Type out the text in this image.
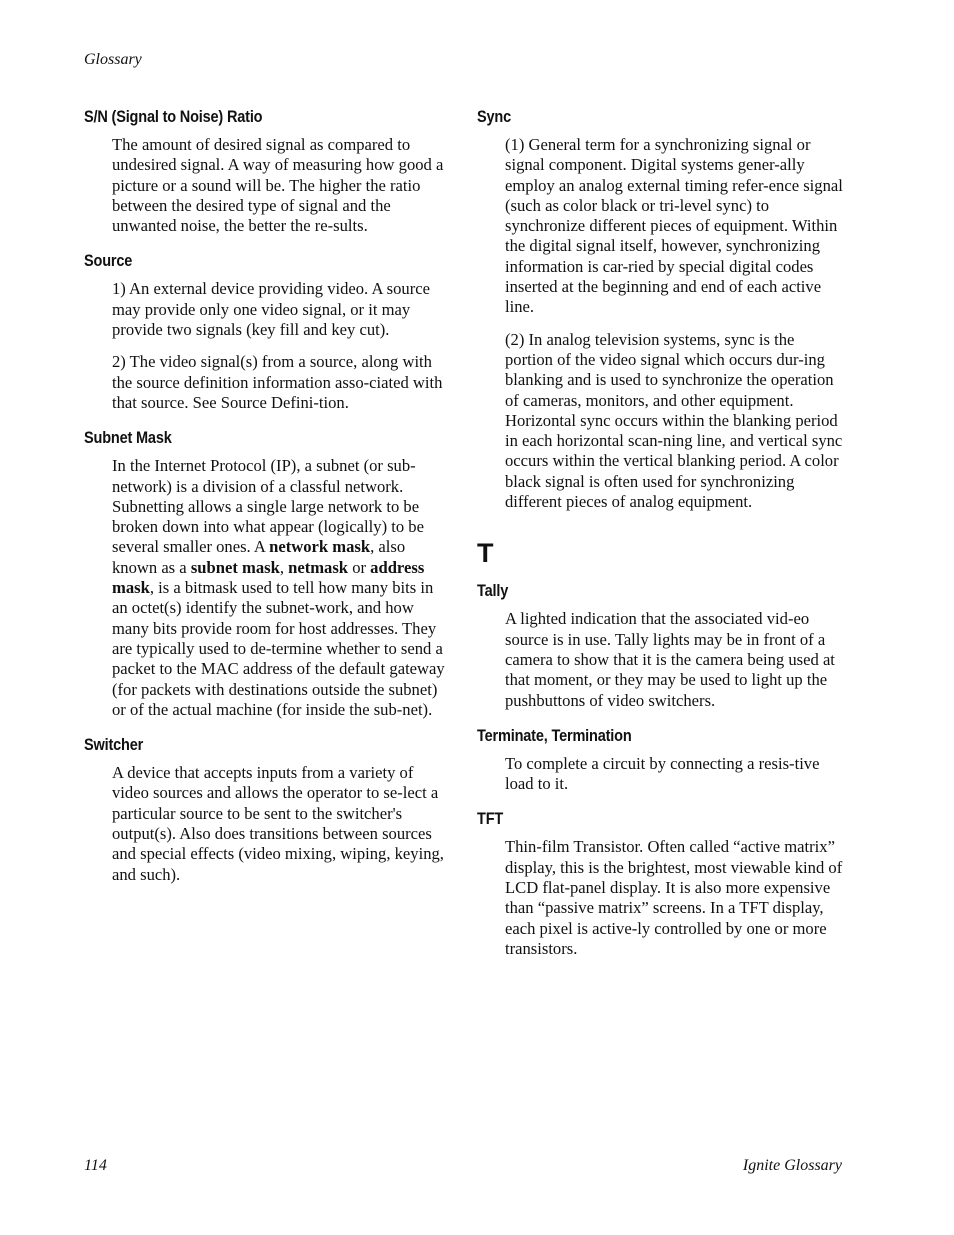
Glossary
S/N (Signal to Noise) Ratio

The amount of desired signal as compared to undesired signal. A way of measuring how good a picture or a sound will be. The higher the ratio between the desired type of signal and the unwanted noise, the better the re-sults.

Source

1) An external device providing video. A source may provide only one video signal, or it may provide two signals (key fill and key cut).

2) The video signal(s) from a source, along with the source definition information asso-ciated with that source. See Source Defini-tion.

Subnet Mask

In the Internet Protocol (IP), a subnet (or sub-network) is a division of a classful network. Subnetting allows a single large network to be broken down into what appear (logically) to be several smaller ones. A network mask, also known as a subnet mask, netmask or address mask, is a bitmask used to tell how many bits in an octet(s) identify the subnet-work, and how many bits provide room for host addresses. They are typically used to de-termine whether to send a packet to the MAC address of the default gateway (for packets with destinations outside the subnet) or of the actual machine (for inside the sub-net).

Switcher

A device that accepts inputs from a variety of video sources and allows the operator to se-lect a particular source to be sent to the switcher's output(s). Also does transitions between sources and special effects (video mixing, wiping, keying, and such).

Sync

(1) General term for a synchronizing signal or signal component. Digital systems gener-ally employ an analog external timing refer-ence signal (such as color black or tri-level sync) to synchronize different pieces of equipment. Within the digital signal itself, however, synchronizing information is car-ried by special digital codes inserted at the beginning and end of each active line.

(2) In analog television systems, sync is the portion of the video signal which occurs dur-ing blanking and is used to synchronize the operation of cameras, monitors, and other equipment. Horizontal sync occurs within the blanking period in each horizontal scan-ning line, and vertical sync occurs within the vertical blanking period. A color black signal is often used for synchronizing different pieces of analog equipment.

T
Tally

A lighted indication that the associated vid-eo source is in use. Tally lights may be in front of a camera to show that it is the camera being used at that moment, or they may be used to light up the pushbuttons of video switchers.

Terminate, Termination

To complete a circuit by connecting a resis-tive load to it.

TFT

Thin-film Transistor. Often called “active matrix” display, this is the brightest, most viewable kind of LCD flat-panel display. It is also more expensive than “passive matrix” screens. In a TFT display, each pixel is active-ly controlled by one or more transistors.

114	Ignite Glossary
